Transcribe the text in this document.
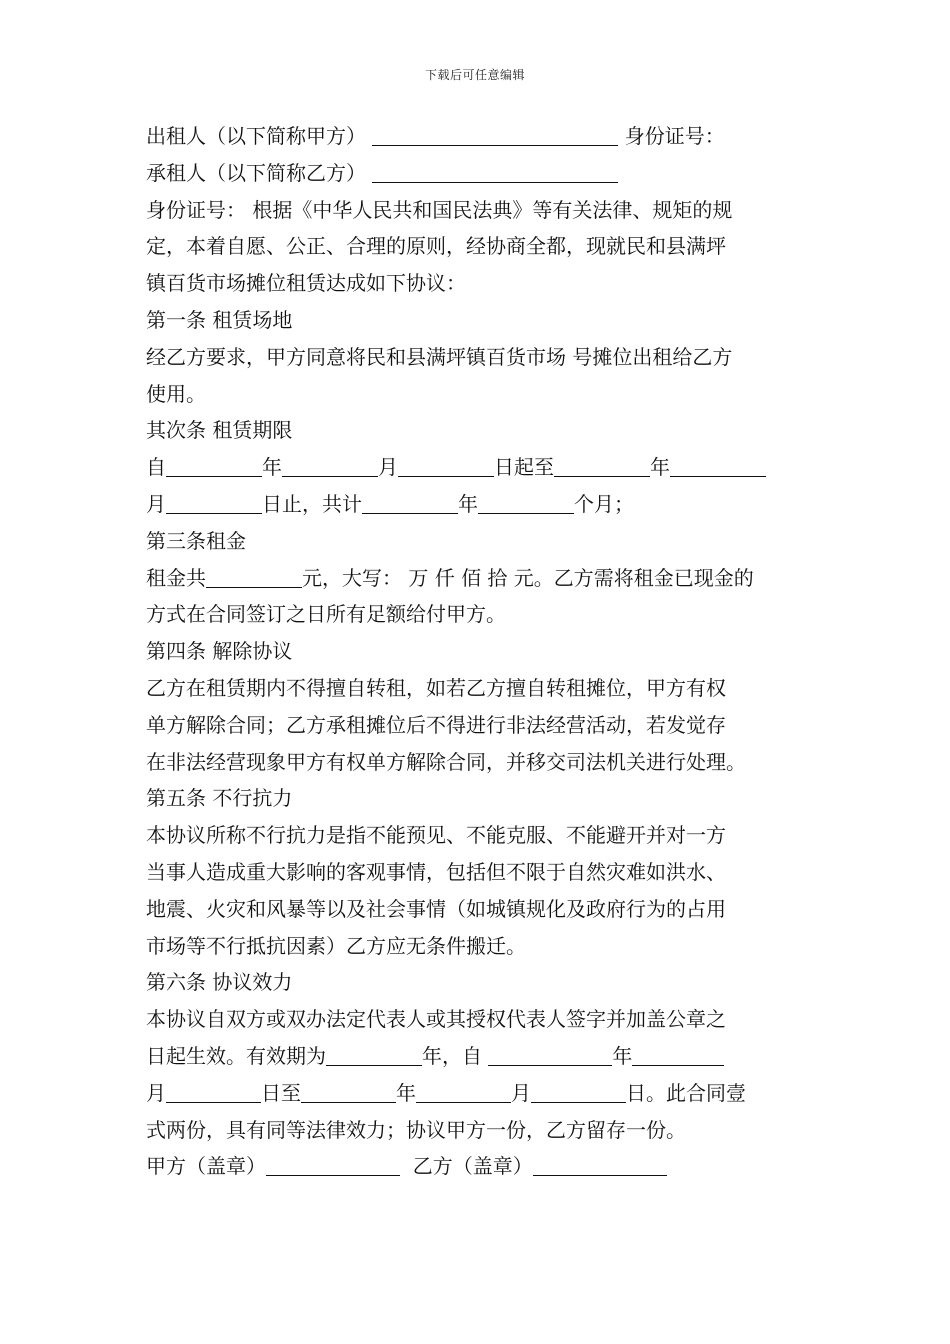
下载后可任意编辑
出租人（以下简称甲方）	身份证号：
承租人（以下简称乙方）
身份证号： 根据《中华人民共和国民法典》等有关法律、规矩的规
定，本着自愿、公正、合理的原则，经协商全都，现就民和县满坪
镇百货市场摊位租赁达成如下协议：
第一条 租赁场地
经乙方要求，甲方同意将民和县满坪镇百货市场 号摊位出租给乙方
使用。
其次条 租赁期限
自	年	月	日起至	年
月	日止，共计	年	个月；
第三条租金
租金共	元，大写： 万 仟 佰 拾 元。乙方需将租金已现金的
方式在合同签订之日所有足额给付甲方。
第四条 解除协议
乙方在租赁期内不得擅自转租，如若乙方擅自转租摊位，甲方有权
单方解除合同；乙方承租摊位后不得进行非法经营活动，若发觉存
在非法经营现象甲方有权单方解除合同，并移交司法机关进行处理。
第五条 不行抗力
本协议所称不行抗力是指不能预见、不能克服、不能避开并对一方
当事人造成重大影响的客观事情，包括但不限于自然灾难如洪水、
地震、火灾和风暴等以及社会事情（如城镇规化及政府行为的占用
市场等不行抵抗因素）乙方应无条件搬迁。
第六条 协议效力
本协议自双方或双办法定代表人或其授权代表人签字并加盖公章之
日起生效。有效期为	年，自	年
月	日至	年	月	日。此合同壹
式两份，具有同等法律效力；协议甲方一份，乙方留存一份。
甲方（盖章）	乙方（盖章）
